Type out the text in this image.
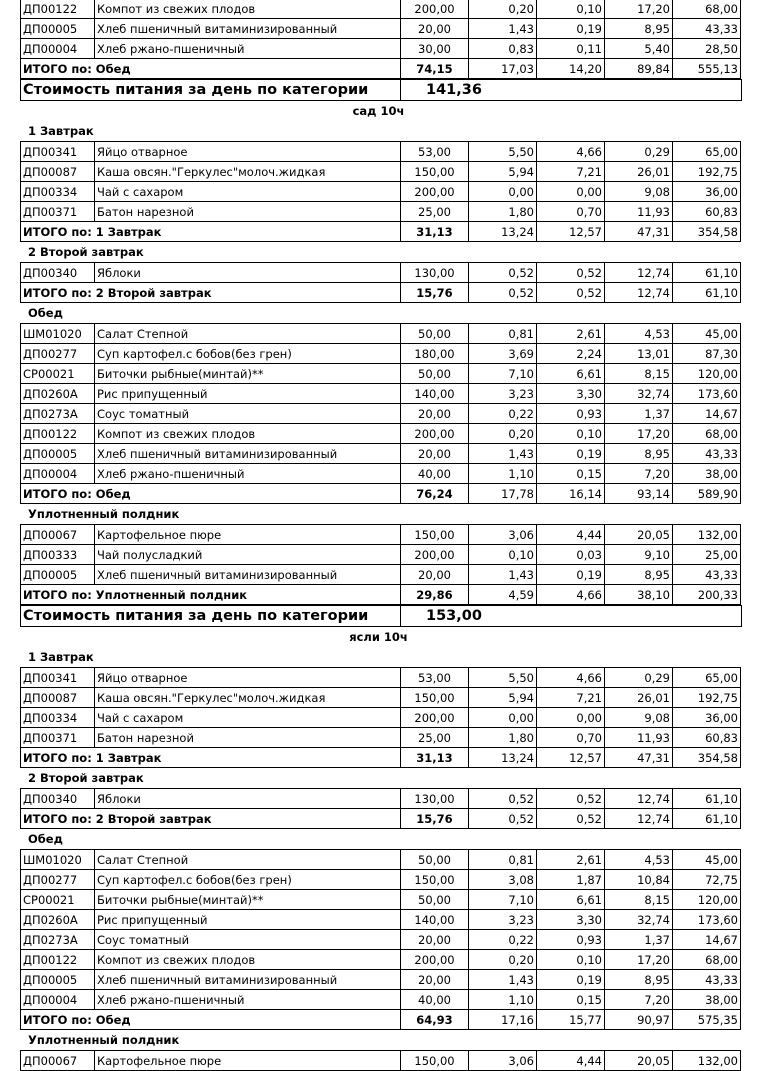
ДП00122	Компот из свежих плодов	200,00	0,20	0,10	17,20	68,00
ДП00005	Хлеб пшеничный витаминизированный	20,00	1,43	0,19	8,95	43,33
ДП00004	Хлеб ржано-пшеничный	30,00	0,83	0,11	5,40	28,50
ИТОГО по: Обед		74,15	17,03	14,20	89,84	555,13
Стоимость питания за день по категории	141,36
сад 10ч
1 Завтрак
ДП00341	Яйцо отварное	53,00	5,50	4,66	0,29	65,00
ДП00087	Каша овсян."Геркулес"молоч.жидкая	150,00	5,94	7,21	26,01	192,75
ДП00334	Чай с сахаром	200,00	0,00	0,00	9,08	36,00
ДП00371	Батон нарезной	25,00	1,80	0,70	11,93	60,83
ИТОГО по: 1 Завтрак		31,13	13,24	12,57	47,31	354,58
2 Второй завтрак
ДП00340	Яблоки	130,00	0,52	0,52	12,74	61,10
ИТОГО по: 2 Второй завтрак		15,76	0,52	0,52	12,74	61,10
Обед
ШМ01020	Салат Степной	50,00	0,81	2,61	4,53	45,00
ДП00277	Суп картофел.с бобов(без грен)	180,00	3,69	2,24	13,01	87,30
СР00021	Биточки рыбные(минтай)**	50,00	7,10	6,61	8,15	120,00
ДП0260А	Рис припущенный	140,00	3,23	3,30	32,74	173,60
ДП0273А	Соус томатный	20,00	0,22	0,93	1,37	14,67
ДП00122	Компот из свежих плодов	200,00	0,20	0,10	17,20	68,00
ДП00005	Хлеб пшеничный витаминизированный	20,00	1,43	0,19	8,95	43,33
ДП00004	Хлеб ржано-пшеничный	40,00	1,10	0,15	7,20	38,00
ИТОГО по: Обед		76,24	17,78	16,14	93,14	589,90
Уплотненный полдник
ДП00067	Картофельное пюре	150,00	3,06	4,44	20,05	132,00
ДП00333	Чай полусладкий	200,00	0,10	0,03	9,10	25,00
ДП00005	Хлеб пшеничный витаминизированный	20,00	1,43	0,19	8,95	43,33
ИТОГО по: Уплотненный полдник		29,86	4,59	4,66	38,10	200,33
Стоимость питания за день по категории	153,00
ясли 10ч
1 Завтрак
ДП00341	Яйцо отварное	53,00	5,50	4,66	0,29	65,00
ДП00087	Каша овсян."Геркулес"молоч.жидкая	150,00	5,94	7,21	26,01	192,75
ДП00334	Чай с сахаром	200,00	0,00	0,00	9,08	36,00
ДП00371	Батон нарезной	25,00	1,80	0,70	11,93	60,83
ИТОГО по: 1 Завтрак		31,13	13,24	12,57	47,31	354,58
2 Второй завтрак
ДП00340	Яблоки	130,00	0,52	0,52	12,74	61,10
ИТОГО по: 2 Второй завтрак		15,76	0,52	0,52	12,74	61,10
Обед
ШМ01020	Салат Степной	50,00	0,81	2,61	4,53	45,00
ДП00277	Суп картофел.с бобов(без грен)	150,00	3,08	1,87	10,84	72,75
СР00021	Биточки рыбные(минтай)**	50,00	7,10	6,61	8,15	120,00
ДП0260А	Рис припущенный	140,00	3,23	3,30	32,74	173,60
ДП0273А	Соус томатный	20,00	0,22	0,93	1,37	14,67
ДП00122	Компот из свежих плодов	200,00	0,20	0,10	17,20	68,00
ДП00005	Хлеб пшеничный витаминизированный	20,00	1,43	0,19	8,95	43,33
ДП00004	Хлеб ржано-пшеничный	40,00	1,10	0,15	7,20	38,00
ИТОГО по: Обед		64,93	17,16	15,77	90,97	575,35
Уплотненный полдник
ДП00067	Картофельное пюре	150,00	3,06	4,44	20,05	132,00
